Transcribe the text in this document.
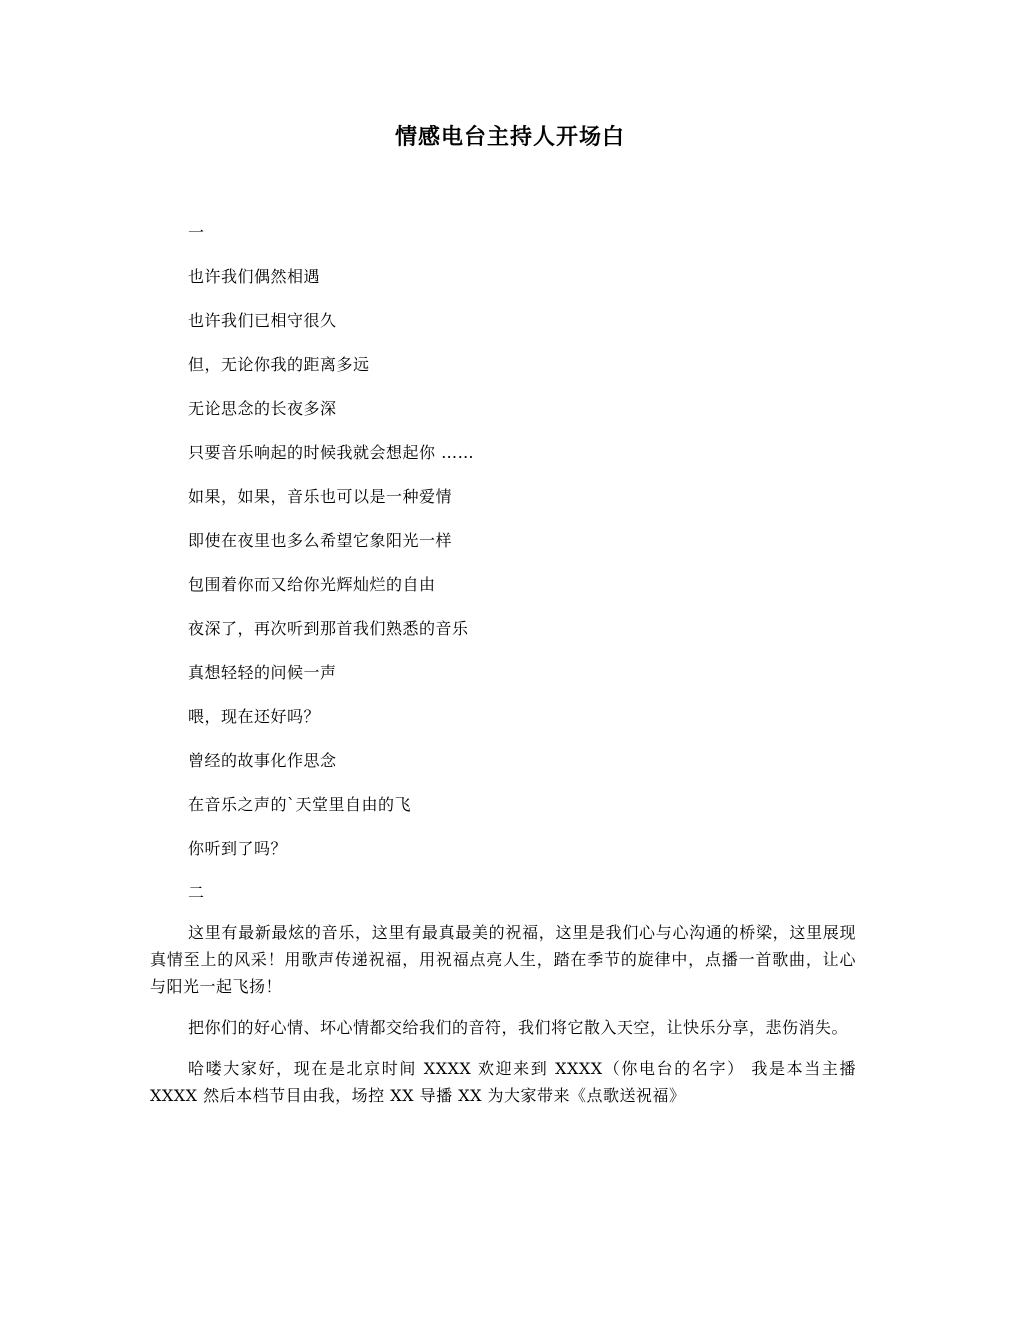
情感电台主持人开场白
一
也许我们偶然相遇
也许我们已相守很久
但，无论你我的距离多远
无论思念的长夜多深
只要音乐响起的时候我就会想起你 ……
如果，如果，音乐也可以是一种爱情
即使在夜里也多么希望它象阳光一样
包围着你而又给你光辉灿烂的自由
夜深了，再次听到那首我们熟悉的音乐
真想轻轻的问候一声
喂，现在还好吗？
曾经的故事化作思念
在音乐之声的`天堂里自由的飞
你听到了吗？
二

这里有最新最炫的音乐，这里有最真最美的祝福，这里是我们心与心沟通的桥梁，这里展现真情至上的风采！用歌声传递祝福，用祝福点亮人生，踏在季节的旋律中，点播一首歌曲，让心与阳光一起飞扬！

把你们的好心情、坏心情都交给我们的音符，我们将它散入天空，让快乐分享，悲伤消失。

哈喽大家好，现在是北京时间 XXXX 欢迎来到 XXXX（你电台的名字） 我是本当主播 XXXX 然后本档节目由我，场控 XX 导播 XX 为大家带来《点歌送祝福》
